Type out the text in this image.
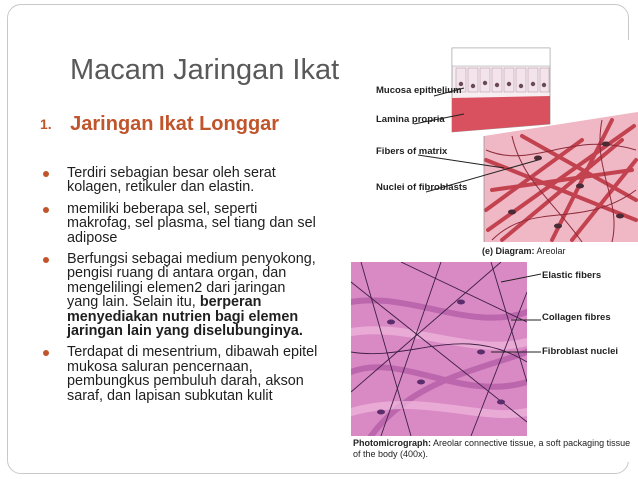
Macam Jaringan Ikat
1. Jaringan Ikat Longgar
Terdiri sebagian besar oleh serat kolagen, retikuler dan elastin.
memiliki beberapa sel, seperti makrofag, sel plasma, sel tiang dan sel adipose
Berfungsi sebagai medium penyokong, pengisi ruang di antara organ, dan mengelilingi elemen2 dari jaringan yang lain. Selain itu, berperan menyediakan nutrien bagi elemen jaringan lain yang diselubunginya.
Terdapat di mesentrium, dibawah epitel mukosa saluran pencernaan, pembungkus pembuluh darah, akson saraf, dan lapisan subkutan kulit
Mucosa epithelium
Lamina propria
Fibers of matrix
Nuclei of fibroblasts
(e) Diagram: Areolar
Elastic fibers
Collagen fibres
Fibroblast nuclei
Photomicrograph: Areolar connective tissue, a soft packaging tissue of the body (400x).
